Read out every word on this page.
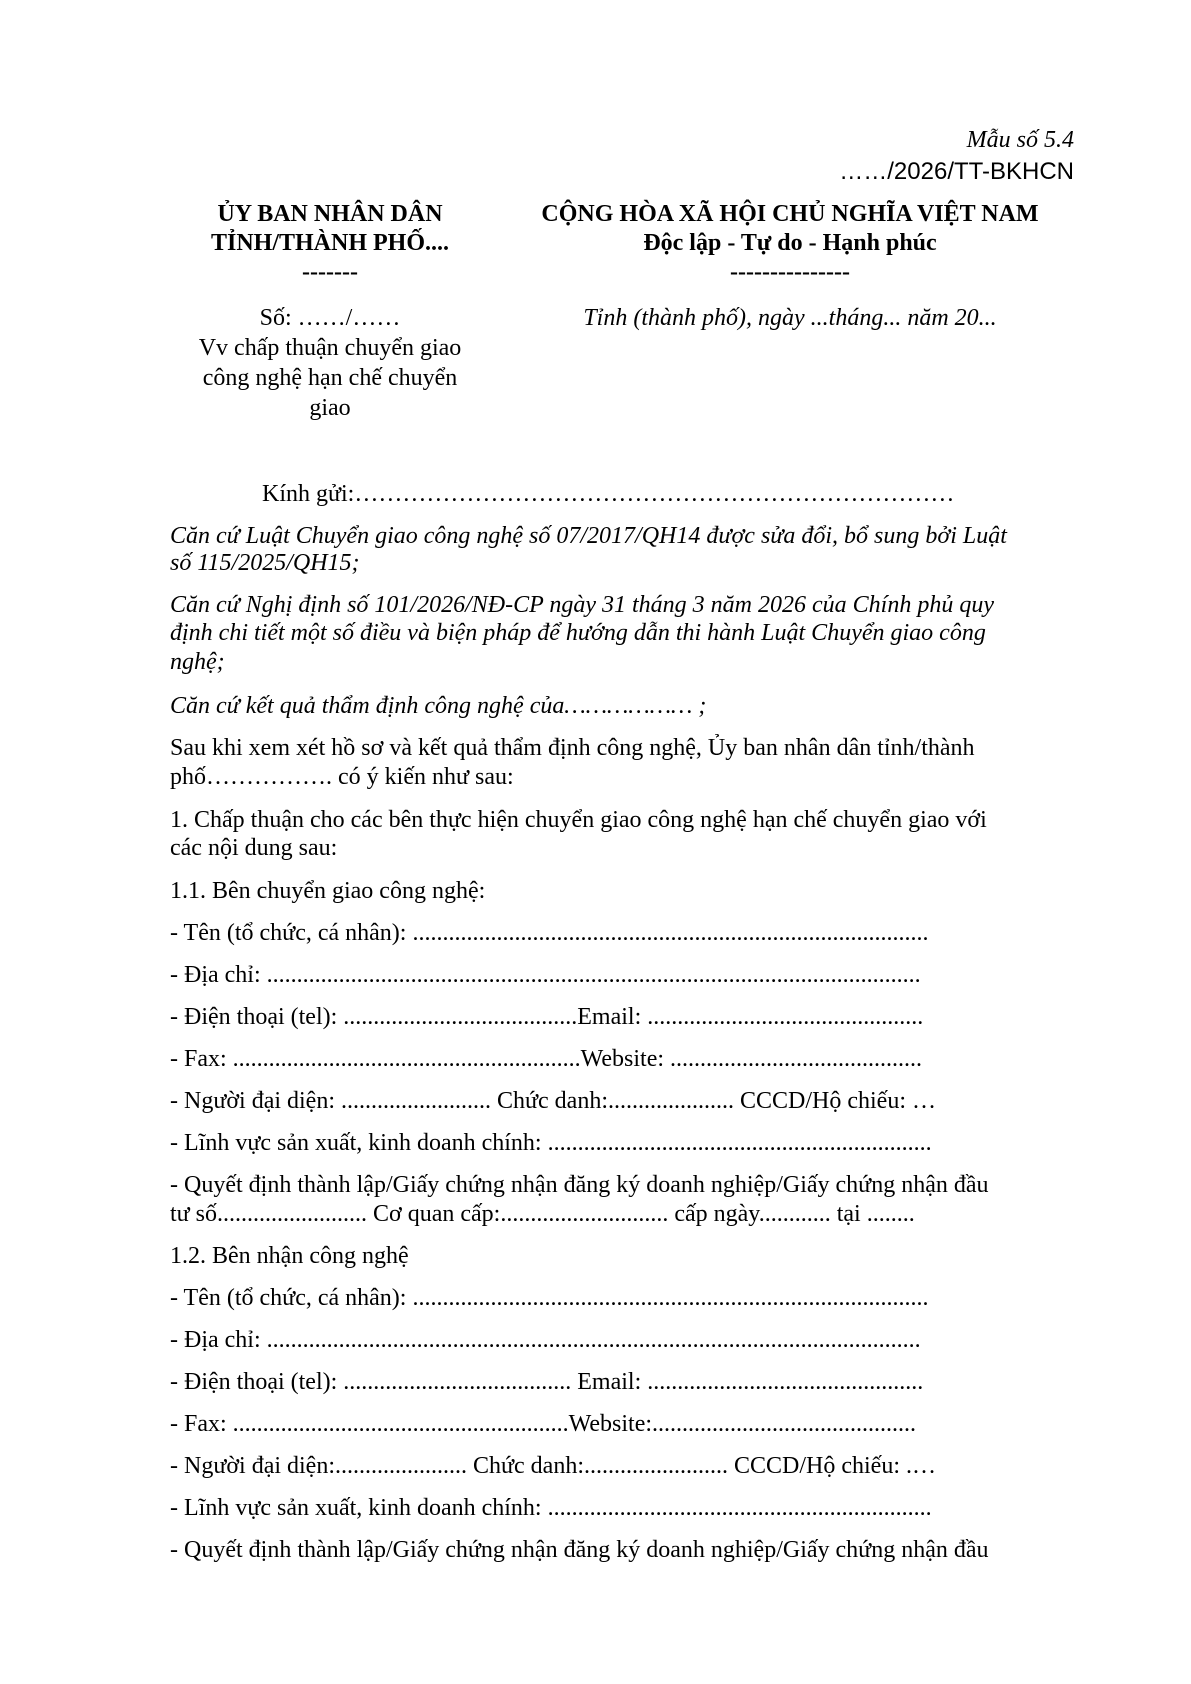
Mẫu số 5.4
……/2026/TT-BKHCN
ỦY BAN NHÂN DÂN
TỈNH/THÀNH PHỐ....
-------
CỘNG HÒA XÃ HỘI CHỦ NGHĨA VIỆT NAM
Độc lập - Tự do - Hạnh phúc
---------------
Số: ……/……
Vv chấp thuận chuyển giao
công nghệ hạn chế chuyển
giao
Tỉnh (thành phố), ngày ...tháng... năm 20...
Kính gửi:…………………………………………………………………
Căn cứ Luật Chuyển giao công nghệ số 07/2017/QH14 được sửa đổi, bổ sung bởi Luật
số 115/2025/QH15;
Căn cứ Nghị định số 101/2026/NĐ-CP ngày 31 tháng 3 năm 2026 của Chính phủ quy
định chi tiết một số điều và biện pháp để hướng dẫn thi hành Luật Chuyển giao công
nghệ;
Căn cứ kết quả thẩm định công nghệ của……………… ;
Sau khi xem xét hồ sơ và kết quả thẩm định công nghệ, Ủy ban nhân dân tỉnh/thành
phố……………. có ý kiến như sau:
1. Chấp thuận cho các bên thực hiện chuyển giao công nghệ hạn chế chuyển giao với
các nội dung sau:
1.1. Bên chuyển giao công nghệ:
- Tên (tổ chức, cá nhân): ......................................................................................
- Địa chỉ: .............................................................................................................
- Điện thoại (tel): .......................................Email: ..............................................
- Fax: ..........................................................Website: ..........................................
- Người đại diện: ......................... Chức danh:..................... CCCD/Hộ chiếu: …
- Lĩnh vực sản xuất, kinh doanh chính: ................................................................
- Quyết định thành lập/Giấy chứng nhận đăng ký doanh nghiệp/Giấy chứng nhận đầu
tư số......................... Cơ quan cấp:............................ cấp ngày............ tại ........
1.2. Bên nhận công nghệ
- Tên (tổ chức, cá nhân): ......................................................................................
- Địa chỉ: .............................................................................................................
- Điện thoại (tel): ...................................... Email: ..............................................
- Fax: ........................................................Website:............................................
- Người đại diện:...................... Chức danh:........................ CCCD/Hộ chiếu: .…
- Lĩnh vực sản xuất, kinh doanh chính: ................................................................
- Quyết định thành lập/Giấy chứng nhận đăng ký doanh nghiệp/Giấy chứng nhận đầu
